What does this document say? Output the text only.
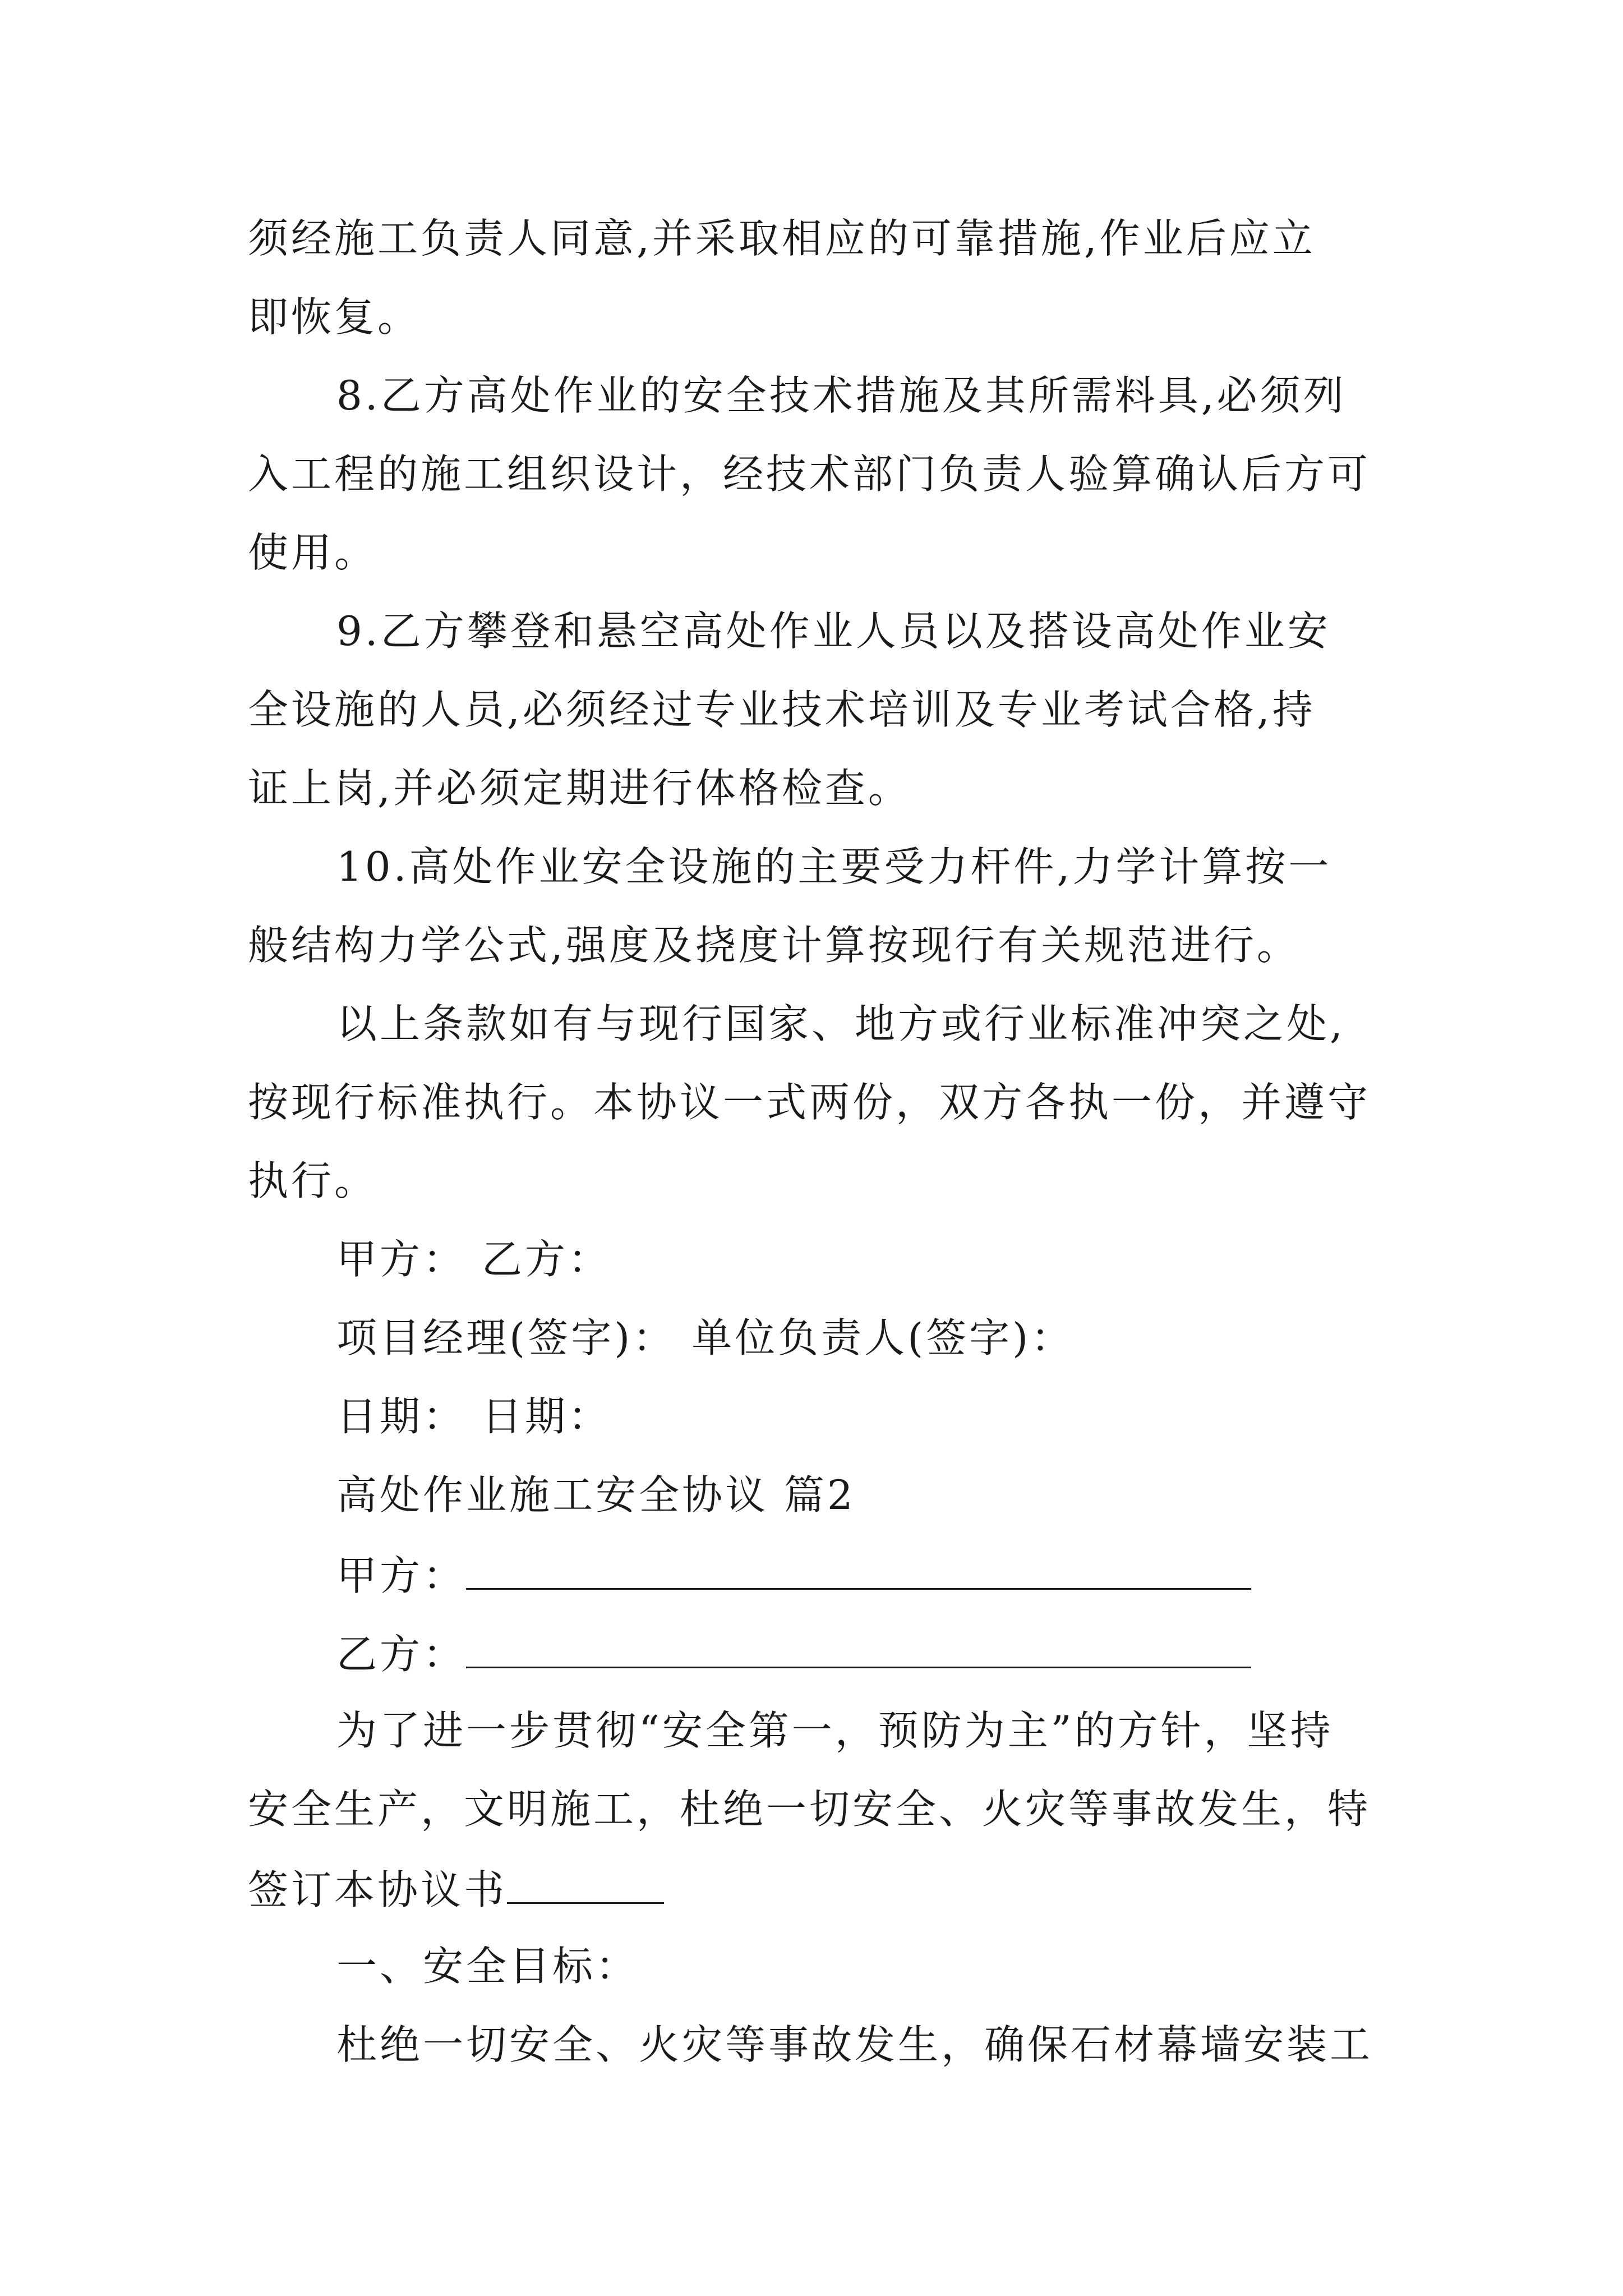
须经施工负责人同意,并采取相应的可靠措施,作业后应立
即恢复。
8.乙方高处作业的安全技术措施及其所需料具,必须列
入工程的施工组织设计，经技术部门负责人验算确认后方可
使用。
9.乙方攀登和悬空高处作业人员以及搭设高处作业安
全设施的人员,必须经过专业技术培训及专业考试合格,持
证上岗,并必须定期进行体格检查。
10.高处作业安全设施的主要受力杆件,力学计算按一
般结构力学公式,强度及挠度计算按现行有关规范进行。
以上条款如有与现行国家、地方或行业标准冲突之处,
按现行标准执行。本协议一式两份，双方各执一份，并遵守
执行。
甲方： 乙方：
项目经理(签字)： 单位负责人(签字)：
日期： 日期：
高处作业施工安全协议 篇2
甲方：
乙方：
为了进一步贯彻“安全第一，预防为主”的方针，坚持
安全生产，文明施工，杜绝一切安全、火灾等事故发生，特
签订本协议书
一、安全目标：
杜绝一切安全、火灾等事故发生，确保石材幕墙安装工
